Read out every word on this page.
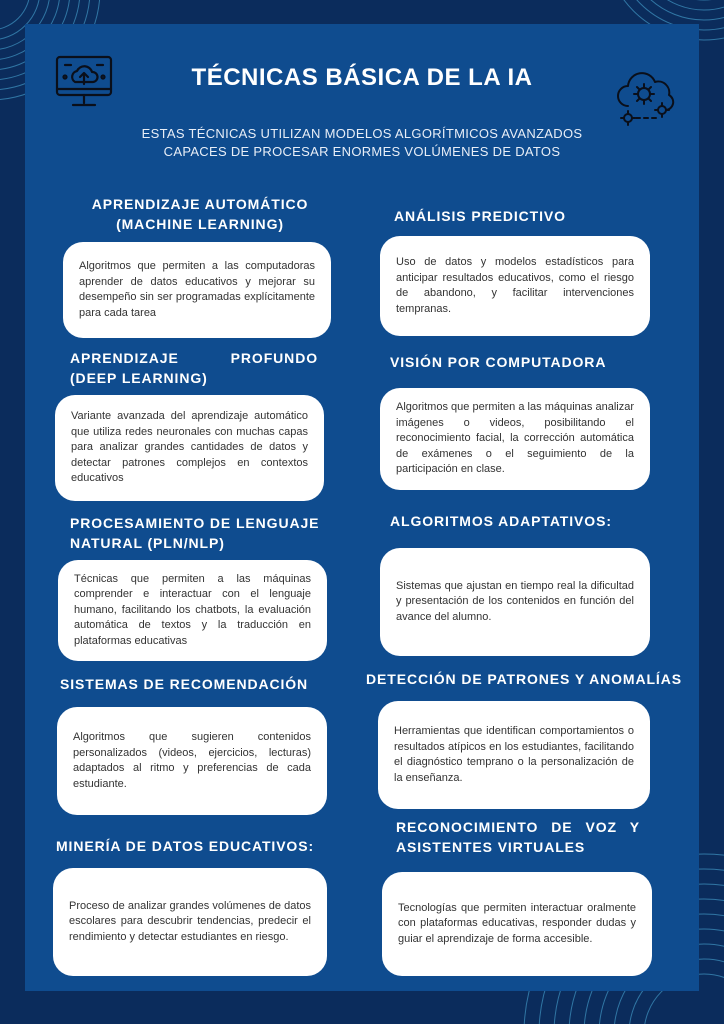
TÉCNICAS BÁSICA DE LA IA
ESTAS TÉCNICAS UTILIZAN MODELOS ALGORÍTMICOS AVANZADOS
CAPACES DE PROCESAR ENORMES VOLÚMENES DE DATOS
APRENDIZAJE AUTOMÁTICO (MACHINE LEARNING)
Algoritmos que permiten a las computadoras aprender de datos educativos y mejorar su desempeño sin ser programadas explícitamente para cada tarea
APRENDIZAJE PROFUNDO (DEEP LEARNING)
Variante avanzada del aprendizaje automático que utiliza redes neuronales con muchas capas para analizar grandes cantidades de datos y detectar patrones complejos en contextos educativos
PROCESAMIENTO DE LENGUAJE NATURAL (PLN/NLP)
Técnicas que permiten a las máquinas comprender e interactuar con el lenguaje humano, facilitando los chatbots, la evaluación automática de textos y la traducción en plataformas educativas
SISTEMAS DE RECOMENDACIÓN
Algoritmos que sugieren contenidos personalizados (videos, ejercicios, lecturas) adaptados al ritmo y preferencias de cada estudiante.
MINERÍA DE DATOS EDUCATIVOS:
Proceso de analizar grandes volúmenes de datos escolares para descubrir tendencias, predecir el rendimiento y detectar estudiantes en riesgo.
ANÁLISIS PREDICTIVO
Uso de datos y modelos estadísticos para anticipar resultados educativos, como el riesgo de abandono, y facilitar intervenciones tempranas.
VISIÓN POR COMPUTADORA
Algoritmos que permiten a las máquinas analizar imágenes o videos, posibilitando el reconocimiento facial, la corrección automática de exámenes o el seguimiento de la participación en clase.
ALGORITMOS ADAPTATIVOS:
Sistemas que ajustan en tiempo real la dificultad y presentación de los contenidos en función del avance del alumno.
DETECCIÓN DE PATRONES Y ANOMALÍAS
Herramientas que identifican comportamientos o resultados atípicos en los estudiantes, facilitando el diagnóstico temprano o la personalización de la enseñanza.
RECONOCIMIENTO DE VOZ Y ASISTENTES VIRTUALES
Tecnologías que permiten interactuar oralmente con plataformas educativas, responder dudas y guiar el aprendizaje de forma accesible.
